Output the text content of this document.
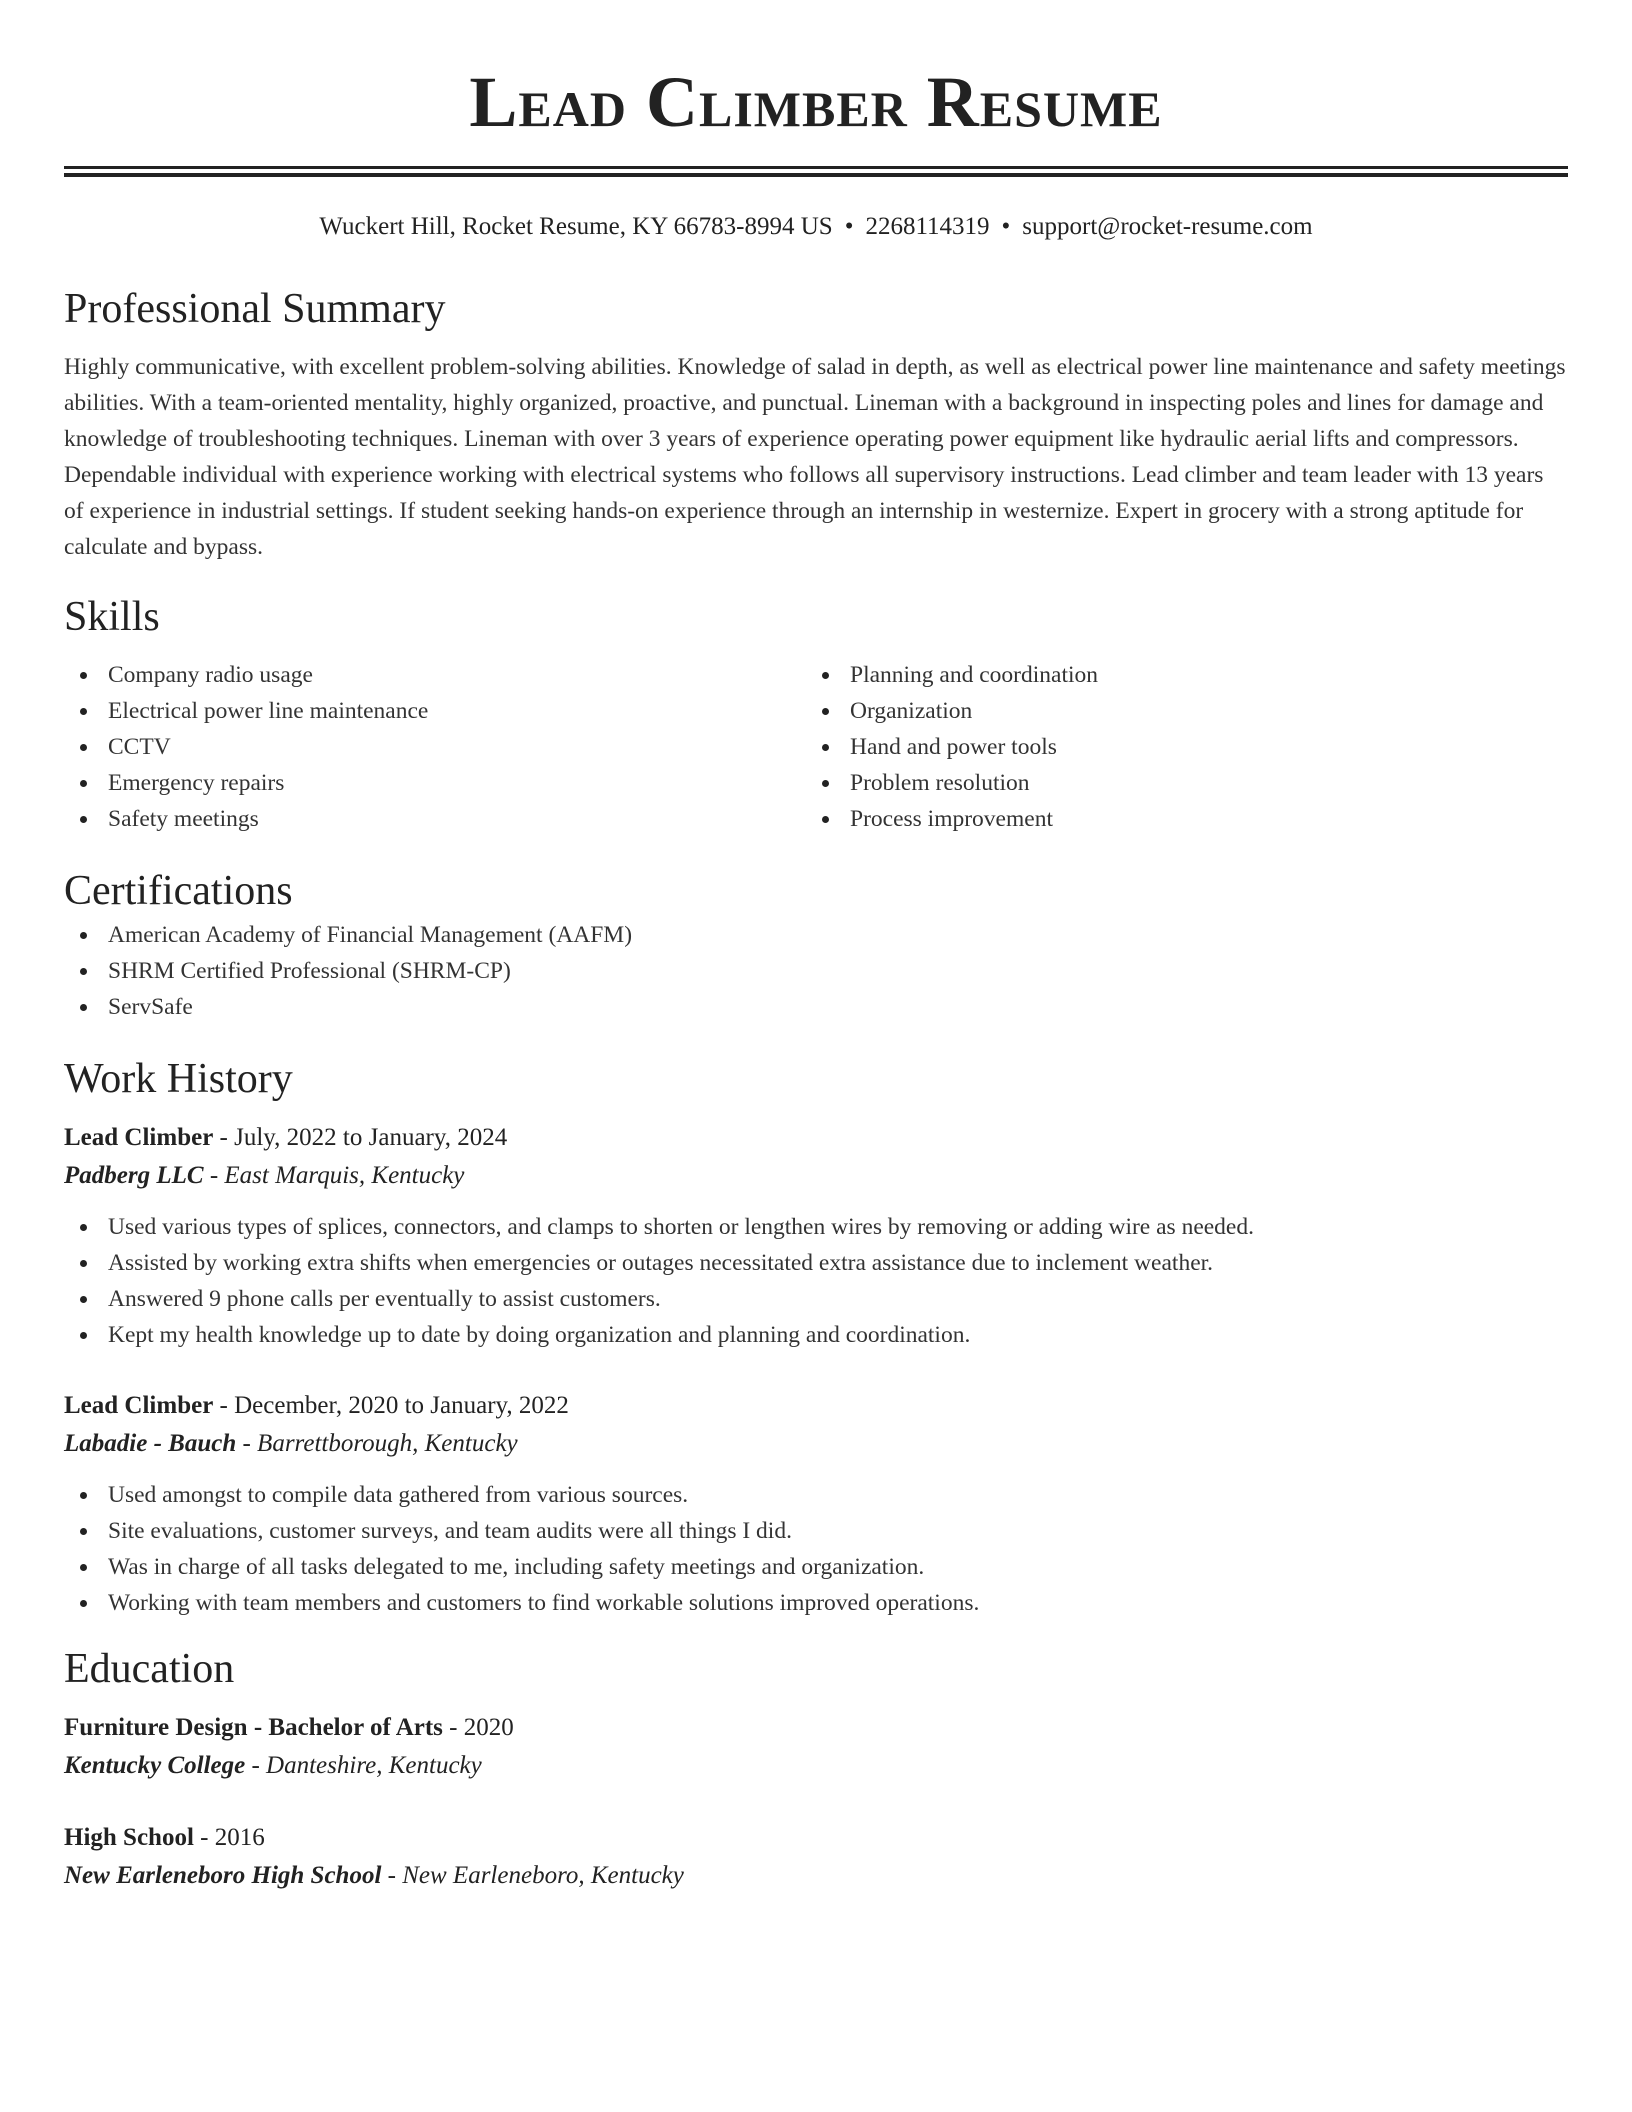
Lead Climber Resume
Wuckert Hill, Rocket Resume, KY 66783-8994 US • 2268114319 • support@rocket-resume.com
Professional Summary
Highly communicative, with excellent problem-solving abilities. Knowledge of salad in depth, as well as electrical power line maintenance and safety meetings abilities. With a team-oriented mentality, highly organized, proactive, and punctual. Lineman with a background in inspecting poles and lines for damage and knowledge of troubleshooting techniques. Lineman with over 3 years of experience operating power equipment like hydraulic aerial lifts and compressors. Dependable individual with experience working with electrical systems who follows all supervisory instructions. Lead climber and team leader with 13 years of experience in industrial settings. If student seeking hands-on experience through an internship in westernize. Expert in grocery with a strong aptitude for calculate and bypass.
Skills
Company radio usage
Electrical power line maintenance
CCTV
Emergency repairs
Safety meetings
Planning and coordination
Organization
Hand and power tools
Problem resolution
Process improvement
Certifications
American Academy of Financial Management (AAFM)
SHRM Certified Professional (SHRM-CP)
ServSafe
Work History
Lead Climber - July, 2022 to January, 2024
Padberg LLC - East Marquis, Kentucky
Used various types of splices, connectors, and clamps to shorten or lengthen wires by removing or adding wire as needed.
Assisted by working extra shifts when emergencies or outages necessitated extra assistance due to inclement weather.
Answered 9 phone calls per eventually to assist customers.
Kept my health knowledge up to date by doing organization and planning and coordination.
Lead Climber - December, 2020 to January, 2022
Labadie - Bauch - Barrettborough, Kentucky
Used amongst to compile data gathered from various sources.
Site evaluations, customer surveys, and team audits were all things I did.
Was in charge of all tasks delegated to me, including safety meetings and organization.
Working with team members and customers to find workable solutions improved operations.
Education
Furniture Design - Bachelor of Arts - 2020
Kentucky College - Danteshire, Kentucky
High School - 2016
New Earleneboro High School - New Earleneboro, Kentucky
